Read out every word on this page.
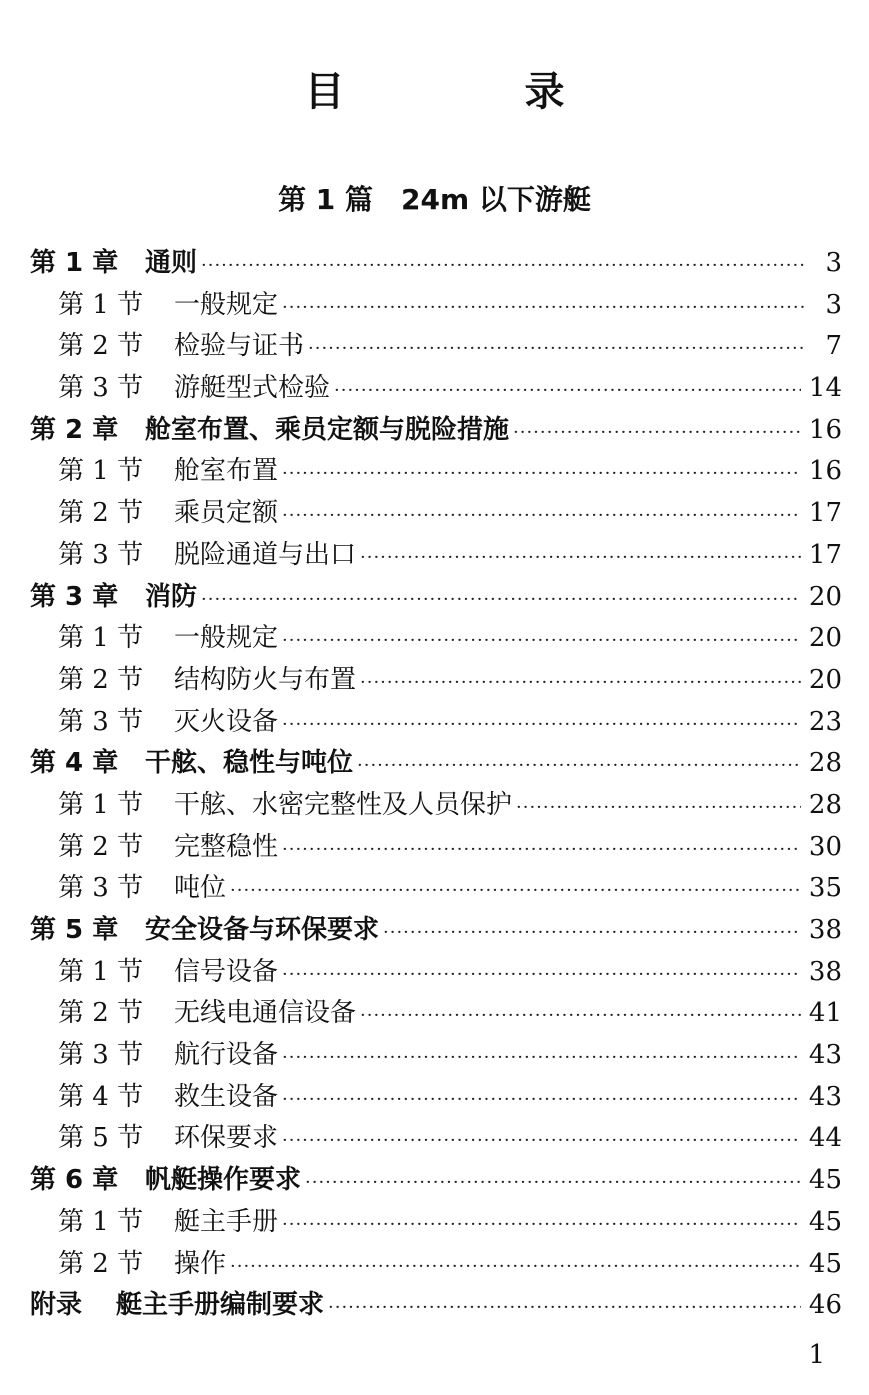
目　录
第 1 篇　24m 以下游艇
第 1 章 通则 ·····	3
第 1 节 一般规定 ·····	3
第 2 节 检验与证书 ·····	7
第 3 节 游艇型式检验 ·····	14
第 2 章 舱室布置、乘员定额与脱险措施 ·····	16
第 1 节 舱室布置 ·····	16
第 2 节 乘员定额 ·····	17
第 3 节 脱险通道与出口 ·····	17
第 3 章 消防 ·····	20
第 1 节 一般规定 ·····	20
第 2 节 结构防火与布置 ·····	20
第 3 节 灭火设备 ·····	23
第 4 章 干舷、稳性与吨位 ·····	28
第 1 节 干舷、水密完整性及人员保护 ·····	28
第 2 节 完整稳性 ·····	30
第 3 节 吨位 ·····	35
第 5 章 安全设备与环保要求 ·····	38
第 1 节 信号设备 ·····	38
第 2 节 无线电通信设备 ·····	41
第 3 节 航行设备 ·····	43
第 4 节 救生设备 ·····	43
第 5 节 环保要求 ·····	44
第 6 章 帆艇操作要求 ·····	45
第 1 节 艇主手册 ·····	45
第 2 节 操作 ·····	45
附录 艇主手册编制要求 ·····	46
1
